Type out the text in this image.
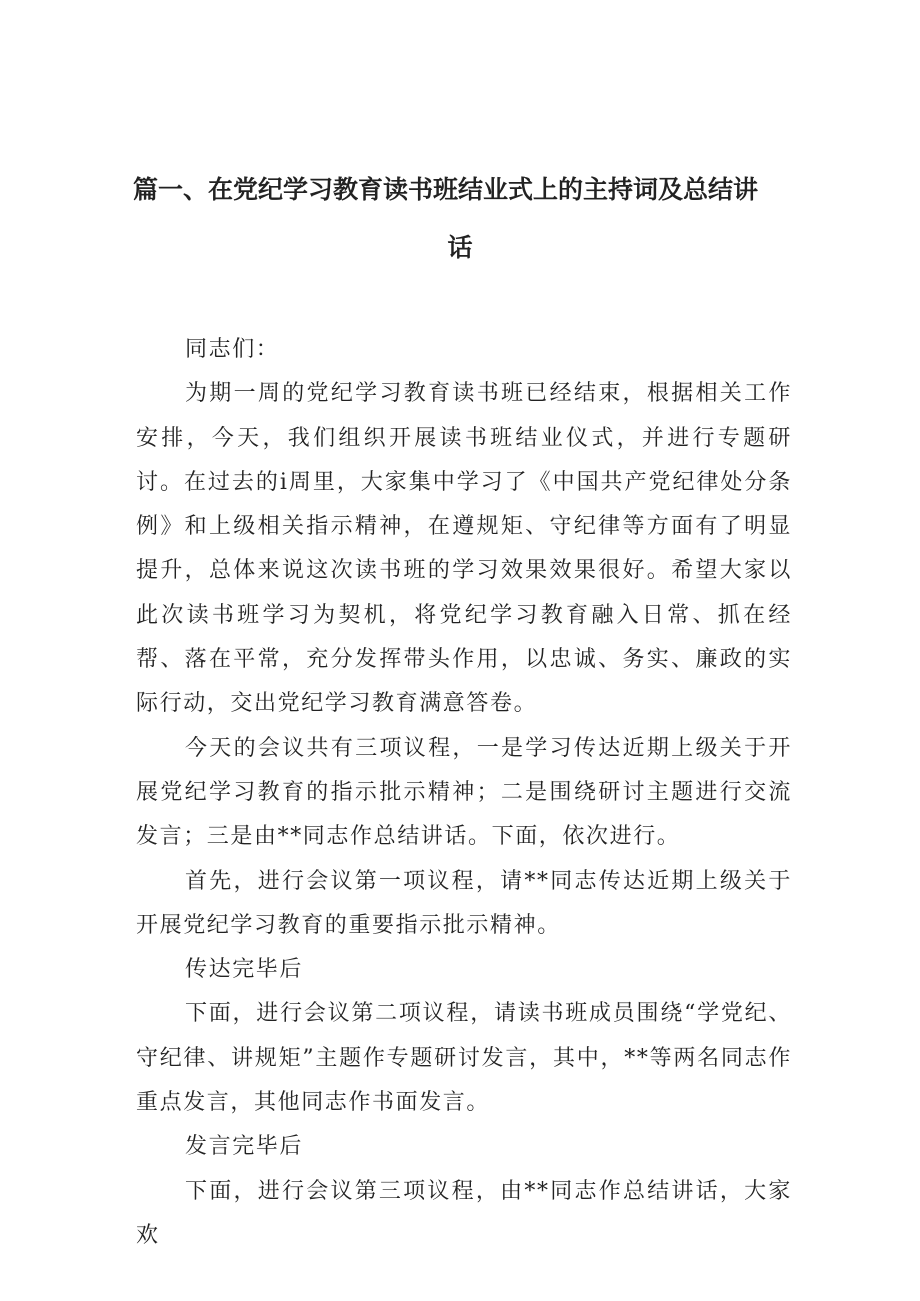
篇一、在党纪学习教育读书班结业式上的主持词及总结讲
话

同志们：

为期一周的党纪学习教育读书班已经结束，根据相关工作安排，今天，我们组织开展读书班结业仪式，并进行专题研讨。在过去的i周里，大家集中学习了《中国共产党纪律处分条例》和上级相关指示精神，在遵规矩、守纪律等方面有了明显提升，总体来说这次读书班的学习效果效果很好。希望大家以此次读书班学习为契机，将党纪学习教育融入日常、抓在经帮、落在平常，充分发挥带头作用，以忠诚、务实、廉政的实际行动，交出党纪学习教育满意答卷。

今天的会议共有三项议程，一是学习传达近期上级关于开展党纪学习教育的指示批示精神；二是围绕研讨主题进行交流发言；三是由**同志作总结讲话。下面，依次进行。

首先，进行会议第一项议程，请**同志传达近期上级关于开展党纪学习教育的重要指示批示精神。

传达完毕后

下面，进行会议第二项议程，请读书班成员围绕“学党纪、守纪律、讲规矩”主题作专题研讨发言，其中，**等两名同志作重点发言，其他同志作书面发言。

发言完毕后

下面，进行会议第三项议程，由**同志作总结讲话，大家欢
